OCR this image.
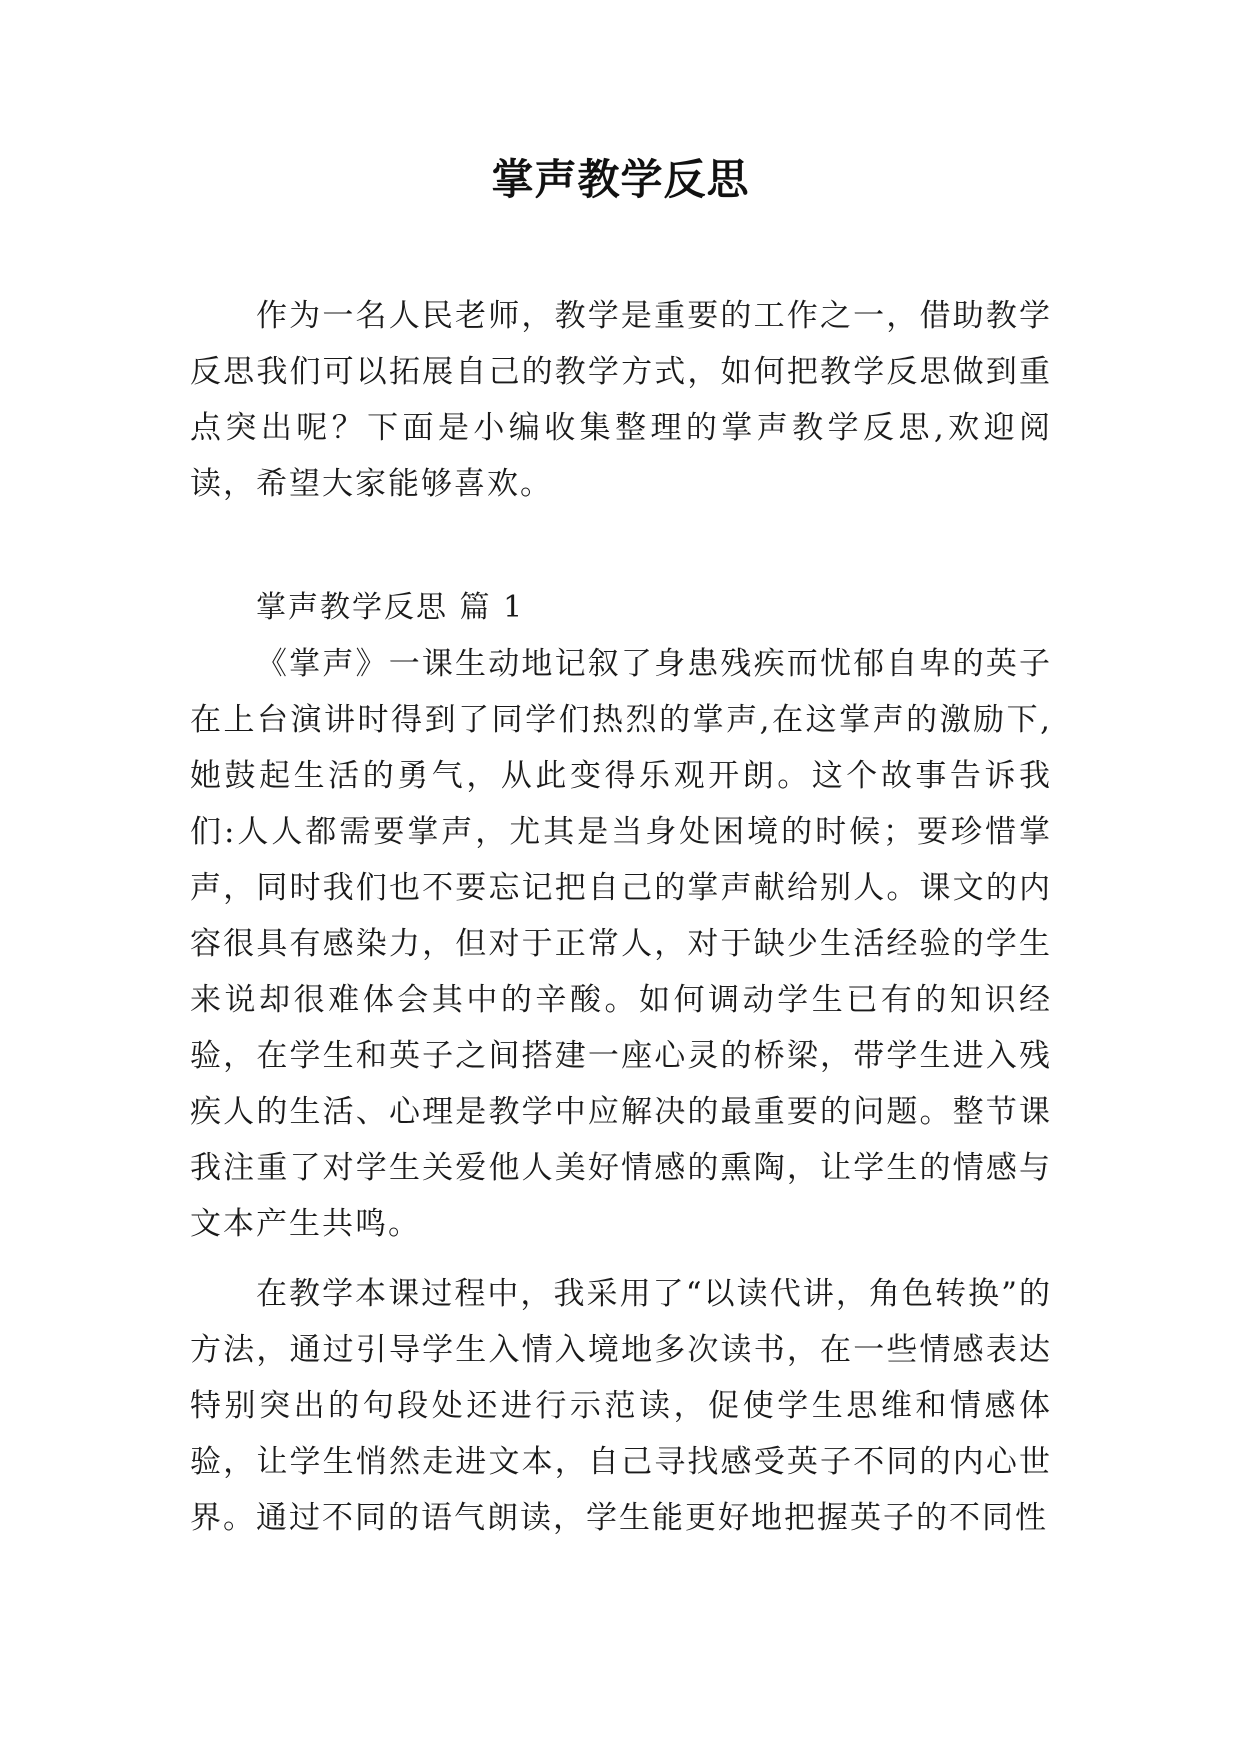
掌声教学反思

作为一名人民老师，教学是重要的工作之一，借助教学反思我们可以拓展自己的教学方式，如何把教学反思做到重点突出呢？下面是小编收集整理的掌声教学反思,欢迎阅读，希望大家能够喜欢。

掌声教学反思 篇 1

《掌声》一课生动地记叙了身患残疾而忧郁自卑的英子在上台演讲时得到了同学们热烈的掌声,在这掌声的激励下,她鼓起生活的勇气，从此变得乐观开朗。这个故事告诉我们:人人都需要掌声，尤其是当身处困境的时候；要珍惜掌声，同时我们也不要忘记把自己的掌声献给别人。课文的内容很具有感染力，但对于正常人，对于缺少生活经验的学生来说却很难体会其中的辛酸。如何调动学生已有的知识经验，在学生和英子之间搭建一座心灵的桥梁，带学生进入残疾人的生活、心理是教学中应解决的最重要的问题。整节课我注重了对学生关爱他人美好情感的熏陶，让学生的情感与文本产生共鸣。

在教学本课过程中，我采用了“以读代讲，角色转换”的方法，通过引导学生入情入境地多次读书，在一些情感表达特别突出的句段处还进行示范读，促使学生思维和情感体验，让学生悄然走进文本，自己寻找感受英子不同的内心世界。通过不同的语气朗读，学生能更好地把握英子的不同性
